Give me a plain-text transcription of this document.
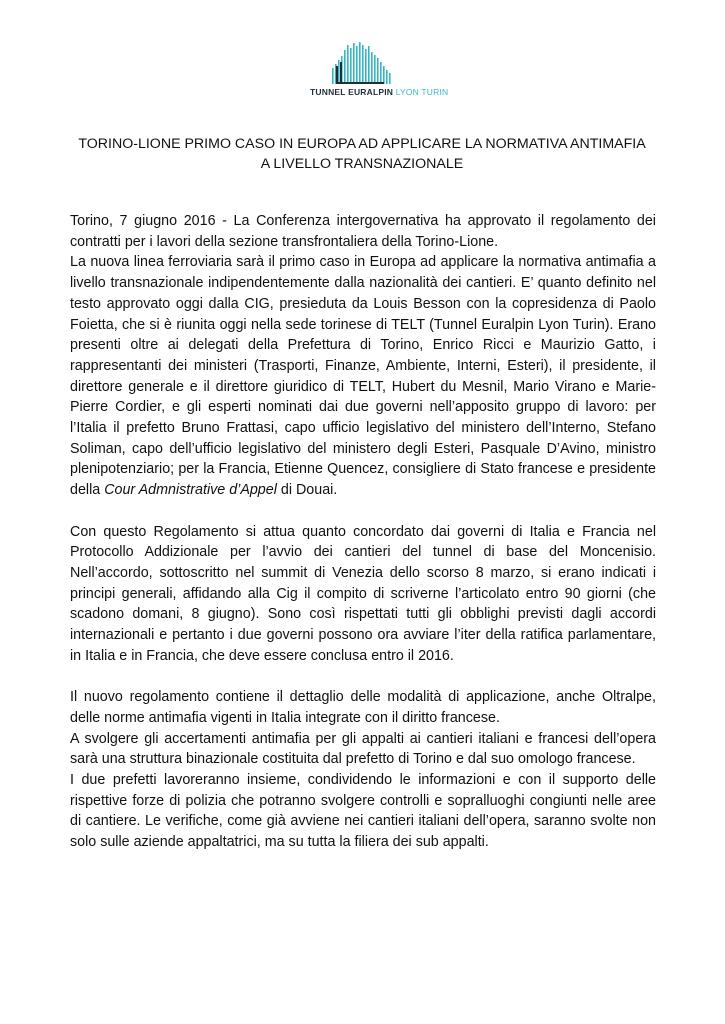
TUNNEL EURALPIN LYON TURIN
TORINO-LIONE PRIMO CASO IN EUROPA AD APPLICARE LA NORMATIVA ANTIMAFIA
A LIVELLO TRANSNAZIONALE

Torino, 7 giugno 2016 - La Conferenza intergovernativa ha approvato il regolamento dei contratti per i lavori della sezione transfrontaliera della Torino-Lione.

La nuova linea ferroviaria sarà il primo caso in Europa ad applicare la normativa antimafia a livello transnazionale indipendentemente dalla nazionalità dei cantieri. E’ quanto definito nel testo approvato oggi dalla CIG, presieduta da Louis Besson con la copresidenza di Paolo Foietta, che si è riunita oggi nella sede torinese di TELT (Tunnel Euralpin Lyon Turin). Erano presenti oltre ai delegati della Prefettura di Torino, Enrico Ricci e Maurizio Gatto, i rappresentanti dei ministeri (Trasporti, Finanze, Ambiente, Interni, Esteri), il presidente, il direttore generale e il direttore giuridico di TELT, Hubert du Mesnil, Mario Virano e Marie-Pierre Cordier, e gli esperti nominati dai due governi nell’apposito gruppo di lavoro: per l’Italia il prefetto Bruno Frattasi, capo ufficio legislativo del ministero dell’Interno, Stefano Soliman, capo dell’ufficio legislativo del ministero degli Esteri, Pasquale D’Avino, ministro plenipotenziario; per la Francia, Etienne Quencez, consigliere di Stato francese e presidente della Cour Admnistrative d’Appel di Douai.

Con questo Regolamento si attua quanto concordato dai governi di Italia e Francia nel Protocollo Addizionale per l’avvio dei cantieri del tunnel di base del Moncenisio. Nell’accordo, sottoscritto nel summit di Venezia dello scorso 8 marzo, si erano indicati i principi generali, affidando alla Cig il compito di scriverne l’articolato entro 90 giorni (che scadono domani, 8 giugno). Sono così rispettati tutti gli obblighi previsti dagli accordi internazionali e pertanto i due governi possono ora avviare l’iter della ratifica parlamentare, in Italia e in Francia, che deve essere conclusa entro il 2016.

Il nuovo regolamento contiene il dettaglio delle modalità di applicazione, anche Oltralpe, delle norme antimafia vigenti in Italia integrate con il diritto francese.

A svolgere gli accertamenti antimafia per gli appalti ai cantieri italiani e francesi dell’opera sarà una struttura binazionale costituita dal prefetto di Torino e dal suo omologo francese.

I due prefetti lavoreranno insieme, condividendo le informazioni e con il supporto delle rispettive forze di polizia che potranno svolgere controlli e sopralluoghi congiunti nelle aree di cantiere. Le verifiche, come già avviene nei cantieri italiani dell’opera, saranno svolte non solo sulle aziende appaltatrici, ma su tutta la filiera dei sub appalti.
